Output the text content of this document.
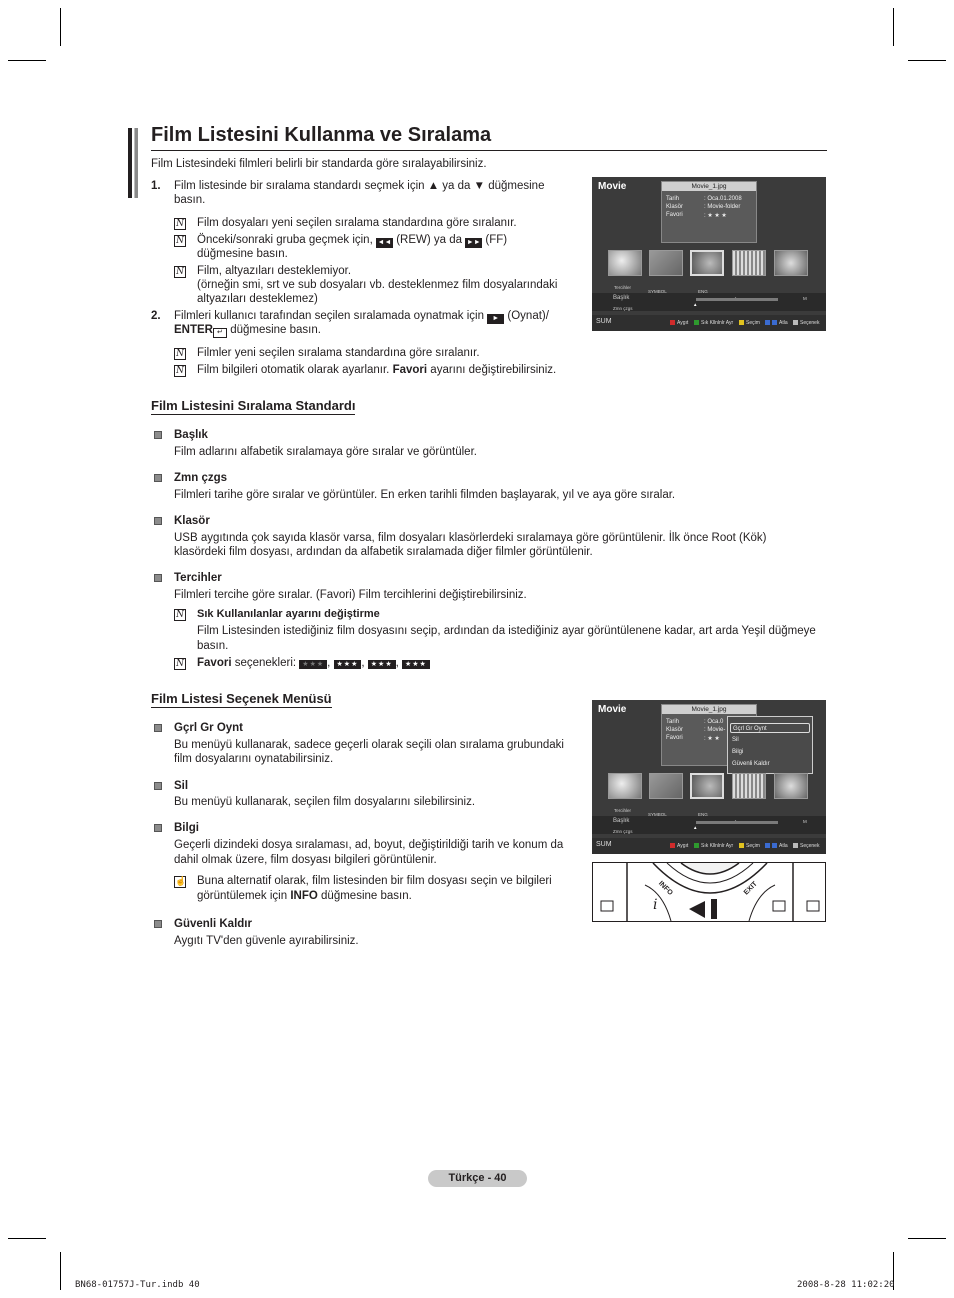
Film Listesini Kullanma ve Sıralama

Film Listesindeki filmleri belirli bir standarda göre sıralayabilirsiniz.

1. Film listesinde bir sıralama standardı seçmek için ▲ ya da ▼ düğmesine

basın.

N Film dosyaları yeni seçilen sıralama standardına göre sıralanır.

N Önceki/sonraki gruba geçmek için, ◄◄ (REW) ya da ►► (FF)

düğmesine basın.

N Film, altyazıları desteklemiyor.

(örneğin smi, srt ve sub dosyaları vb. desteklenmez film dosyalarındaki

altyazıları desteklemez)

2. Filmleri kullanıcı tarafından seçilen sıralamada oynatmak için ► (Oynat)/

ENTER ↵ düğmesine basın.

N Filmler yeni seçilen sıralama standardına göre sıralanır.

N Film bilgileri otomatik olarak ayarlanır. Favori ayarını değiştirebilirsiniz.

Movie	Movie_1.jpg
Tarih	: Oca.01.2008
Klasör	: Movie-folder
Favori	: ★ ★ ★
Tercihler
Başlık
Zmn çzgs
SYMBOL	ENG
M
▲
SUM	Aygıt	Sık Kllnlnlr Ayr	Seçim	Atla	Seçenek
Film Listesini Sıralama Standardı

Başlık

Film adlarını alfabetik sıralamaya göre sıralar ve görüntüler.

Zmn çzgs

Filmleri tarihe göre sıralar ve görüntüler. En erken tarihli filmden başlayarak, yıl ve aya göre sıralar.

Klasör

USB aygıtında çok sayıda klasör varsa, film dosyaları klasörlerdeki sıralamaya göre görüntülenir. İlk önce Root (Kök)

klasördeki film dosyası, ardından da alfabetik sıralamada diğer filmler görüntülenir.

Tercihler

Filmleri tercihe göre sıralar. (Favori) Film tercihlerini değiştirebilirsiniz.

N Sık Kullanılanlar ayarını değiştirme

Film Listesinden istediğiniz film dosyasını seçip, ardından da istediğiniz ayar görüntülenene kadar, art arda Yeşil düğmeye

basın.

N Favori seçenekleri: ★★★ , ★★★ , ★★★ , ★★★

Film Listesi Seçenek Menüsü

Gçrl Gr Oynt

Bu menüyü kullanarak, sadece geçerli olarak seçili olan sıralama grubundaki

film dosyalarını oynatabilirsiniz.

Sil

Bu menüyü kullanarak, seçilen film dosyalarını silebilirsiniz.

Bilgi

Geçerli dizindeki dosya sıralaması, ad, boyut, değiştirildiği tarih ve konum da

dahil olmak üzere, film dosyası bilgileri görüntülenir.

☝ Buna alternatif olarak, film listesinden bir film dosyası seçin ve bilgileri

görüntülemek için INFO düğmesine basın.

Güvenli Kaldır

Aygıtı TV'den güvenle ayırabilirsiniz.

Movie	Movie_1.jpg
Tarih	: Oca.0
Klasör	: Movie-
Favori	: ★ ★
Gçrl Gr Oynt
Sil
Bilgi
Güvenli Kaldır
Tercihler
Başlık
Zmn çzgs
SYMBOL	ENG
M
▲
SUM	Aygıt	Sık Kllnlnlr Ayr	Seçim	Atla	Seçenek
INFO	EXIT
i
Türkçe - 40
BN68-01757J-Tur.indb 40	2008-8-28 11:02:20
